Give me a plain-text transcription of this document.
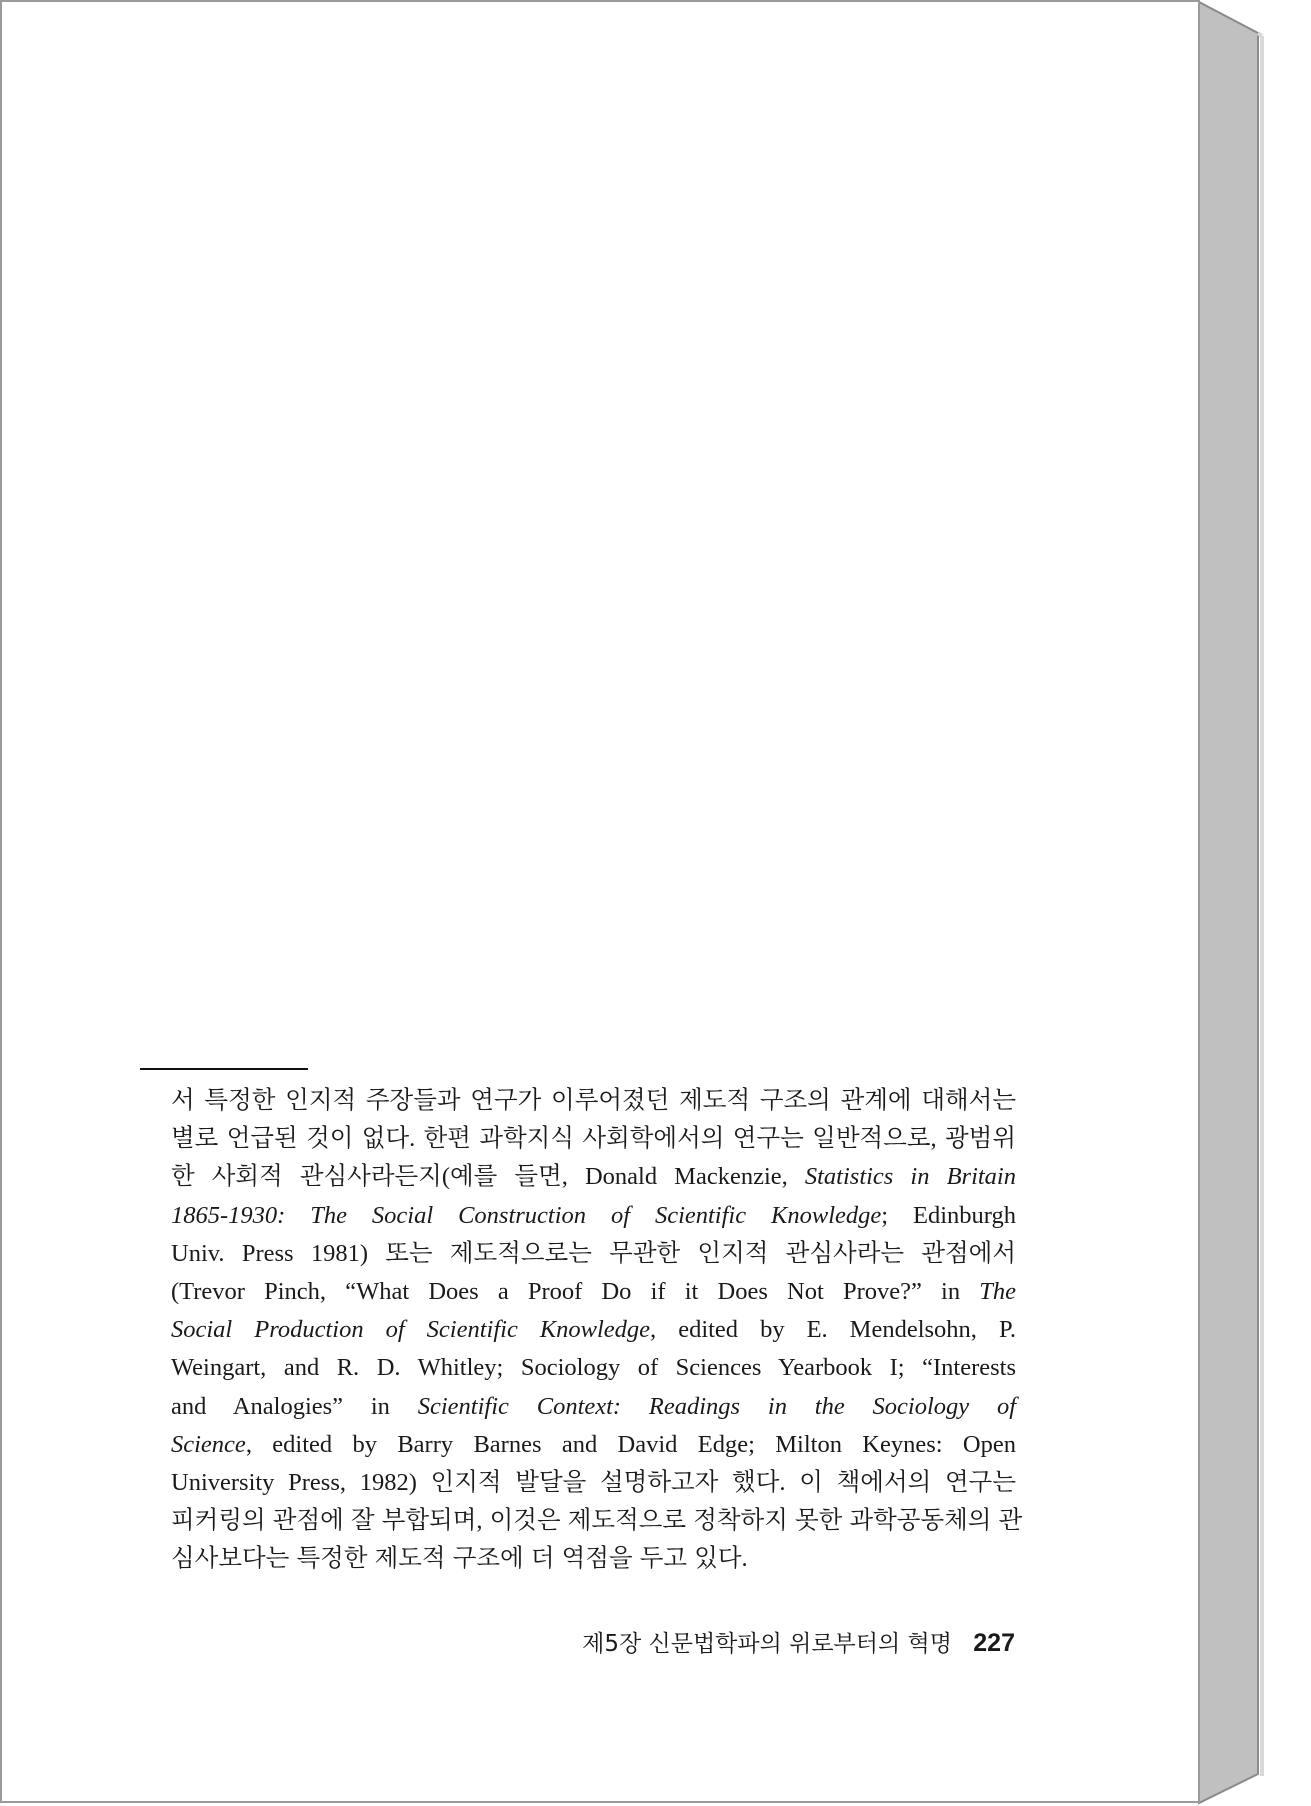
서 특정한 인지적 주장들과 연구가 이루어졌던 제도적 구조의 관계에 대해서는
별로 언급된 것이 없다. 한편 과학지식 사회학에서의 연구는 일반적으로, 광범위
한 사회적 관심사라든지(예를 들면, Donald Mackenzie, Statistics in Britain
1865-1930: The Social Construction of Scientific Knowledge; Edinburgh
Univ. Press 1981) 또는 제도적으로는 무관한 인지적 관심사라는 관점에서
(Trevor Pinch, “What Does a Proof Do if it Does Not Prove?” in The
Social Production of Scientific Knowledge, edited by E. Mendelsohn, P.
Weingart, and R. D. Whitley; Sociology of Sciences Yearbook I; “Interests
and Analogies” in Scientific Context: Readings in the Sociology of
Science, edited by Barry Barnes and David Edge; Milton Keynes: Open
University Press, 1982) 인지적 발달을 설명하고자 했다. 이 책에서의 연구는
피커링의 관점에 잘 부합되며, 이것은 제도적으로 정착하지 못한 과학공동체의 관
심사보다는 특정한 제도적 구조에 더 역점을 두고 있다.
제5장 신문법학파의 위로부터의 혁명 227
